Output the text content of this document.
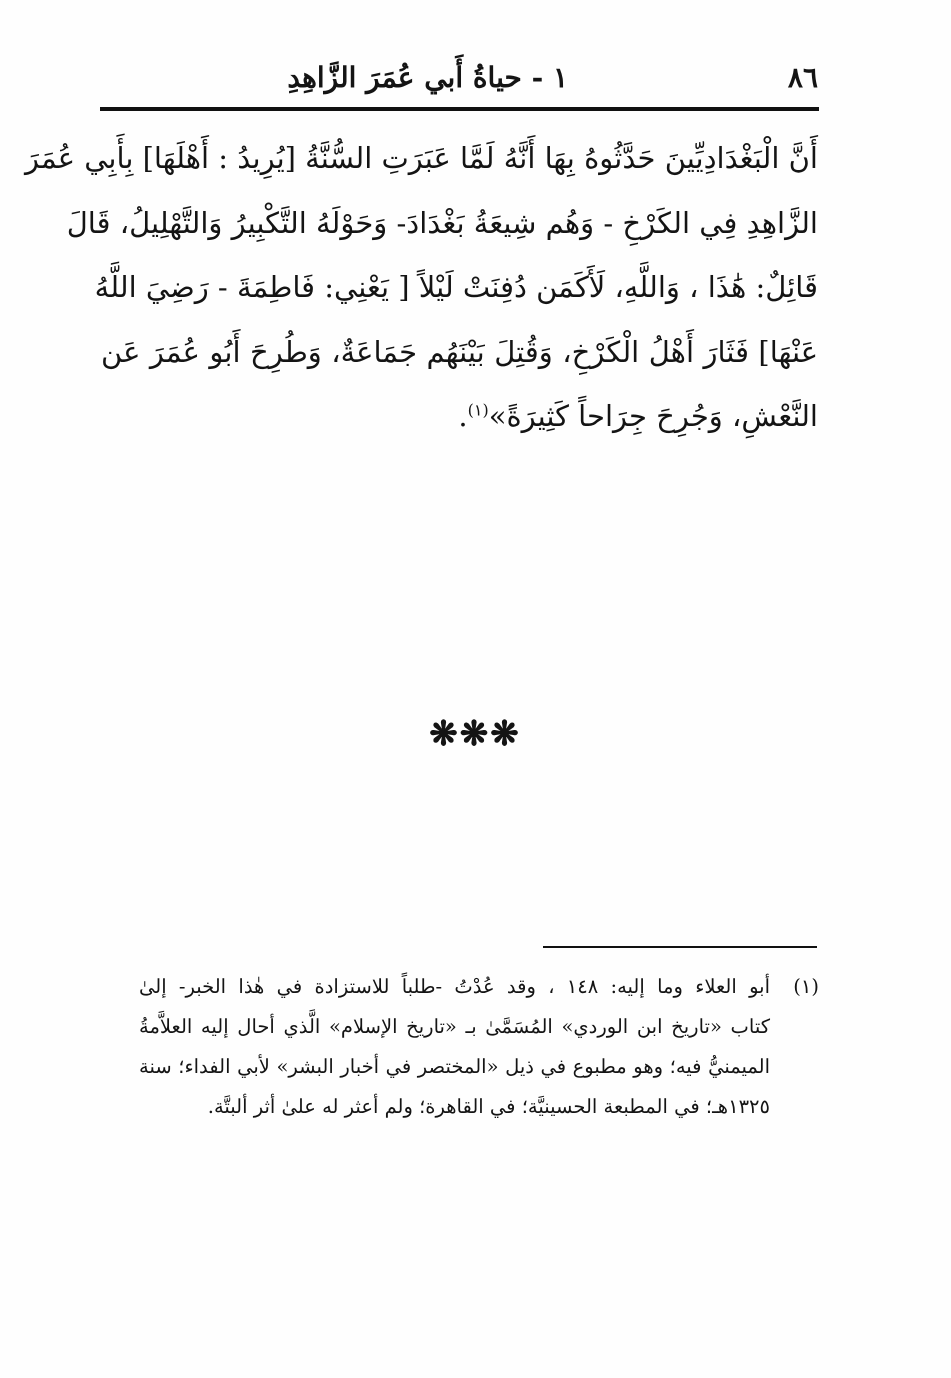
٨٦
١ - حياةُ أَبي عُمَرَ الزَّاهِدِ

أَنَّ الْبَغْدَادِيِّينَ حَدَّثُوهُ بِهَا أَنَّهُ لَمَّا عَبَرَتِ السُّنَّةُ [يُرِيدُ : أَهْلَهَا] بِأَبِي عُمَرَ

الزَّاهِدِ فِي الكَرْخِ - وَهُم شِيعَةُ بَغْدَادَ- وَحَوْلَهُ التَّكْبِيرُ وَالتَّهْلِيلُ، قَالَ

قَائِلٌ: هَٰذَا ، وَاللَّهِ، لَأَكَمَن دُفِنَتْ لَيْلاً [ يَعْنِي: فَاطِمَةَ - رَضِيَ اللَّهُ

عَنْهَا] فَثَارَ أَهْلُ الْكَرْخِ، وَقُتِلَ بَيْنَهُم جَمَاعَةٌ، وَطُرِحَ أَبُو عُمَرَ عَن

النَّعْشِ، وَجُرِحَ جِرَاحاً كَثِيرَةً»$^{(١)}$.

❋❋❋
(١)

أبو العلاء وما إليه: ١٤٨ ، وقد عُدْتُ -طلباً للاستزادة في هٰذا الخبر- إلىٰ

كتاب «تاريخ ابن الوردي» المُسَمَّىٰ بـ «تاريخ الإسلام» الَّذي أحال إليه العلاَّمةُ

الميمنيُّ فيه؛ وهو مطبوع في ذيل «المختصر في أخبار البشر» لأبي الفداء؛ سنة

١٣٢٥هـ؛ في المطبعة الحسينيَّة؛ في القاهرة؛ ولم أعثر له علىٰ أثر ألبتَّة.
